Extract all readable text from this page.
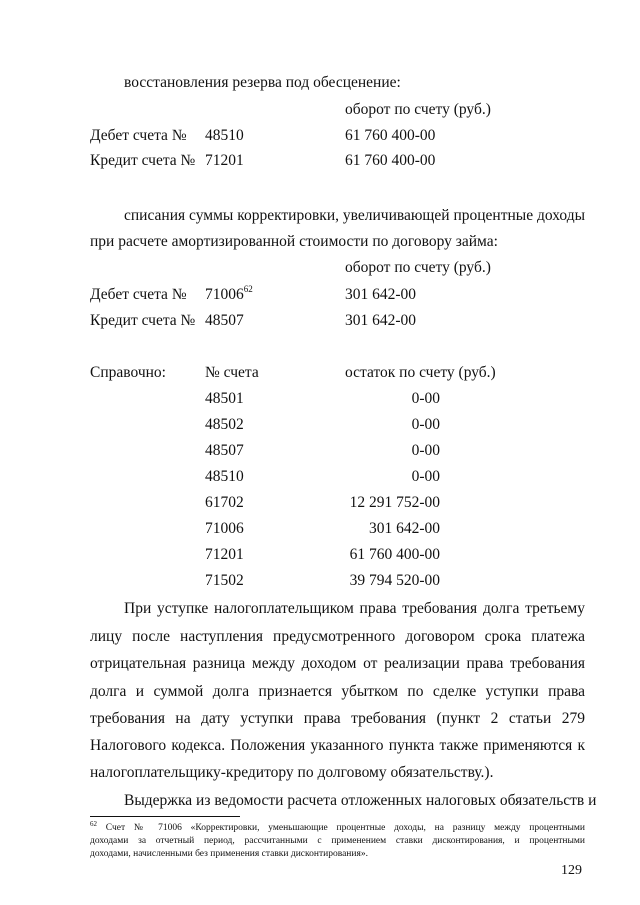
восстановления резерва под обесценение:
оборот по счету (руб.)
Дебет счета № 48510	61 760 400-00
Кредит счета № 71201	61 760 400-00
списания суммы корректировки, увеличивающей процентные доходы
при расчете амортизированной стоимости по договору займа:
оборот по счету (руб.)
Дебет счета № 71006$^{62}$	301 642-00
Кредит счета № 48507	301 642-00
Справочно:	№ счета	остаток по счету (руб.)
48501	0-00
48502	0-00
48507	0-00
48510	0-00
61702	12 291 752-00
71006	301 642-00
71201	61 760 400-00
71502	39 794 520-00
При уступке налогоплательщиком права требования долга третьему
лицу после наступления предусмотренного договором срока платежа
отрицательная разница между доходом от реализации права требования
долга и суммой долга признается убытком по сделке уступки права
требования на дату уступки права требования (пункт 2 статьи 279
Налогового кодекса. Положения указанного пункта также применяются к
налогоплательщику-кредитору по долговому обязательству.).
Выдержка из ведомости расчета отложенных налоговых обязательств и
$^{62}$ Счет № 71006 «Корректировки, уменьшающие процентные доходы, на разницу между процентными
доходами за отчетный период, рассчитанными с применением ставки дисконтирования, и процентными
доходами, начисленными без применения ставки дисконтирования».
129
